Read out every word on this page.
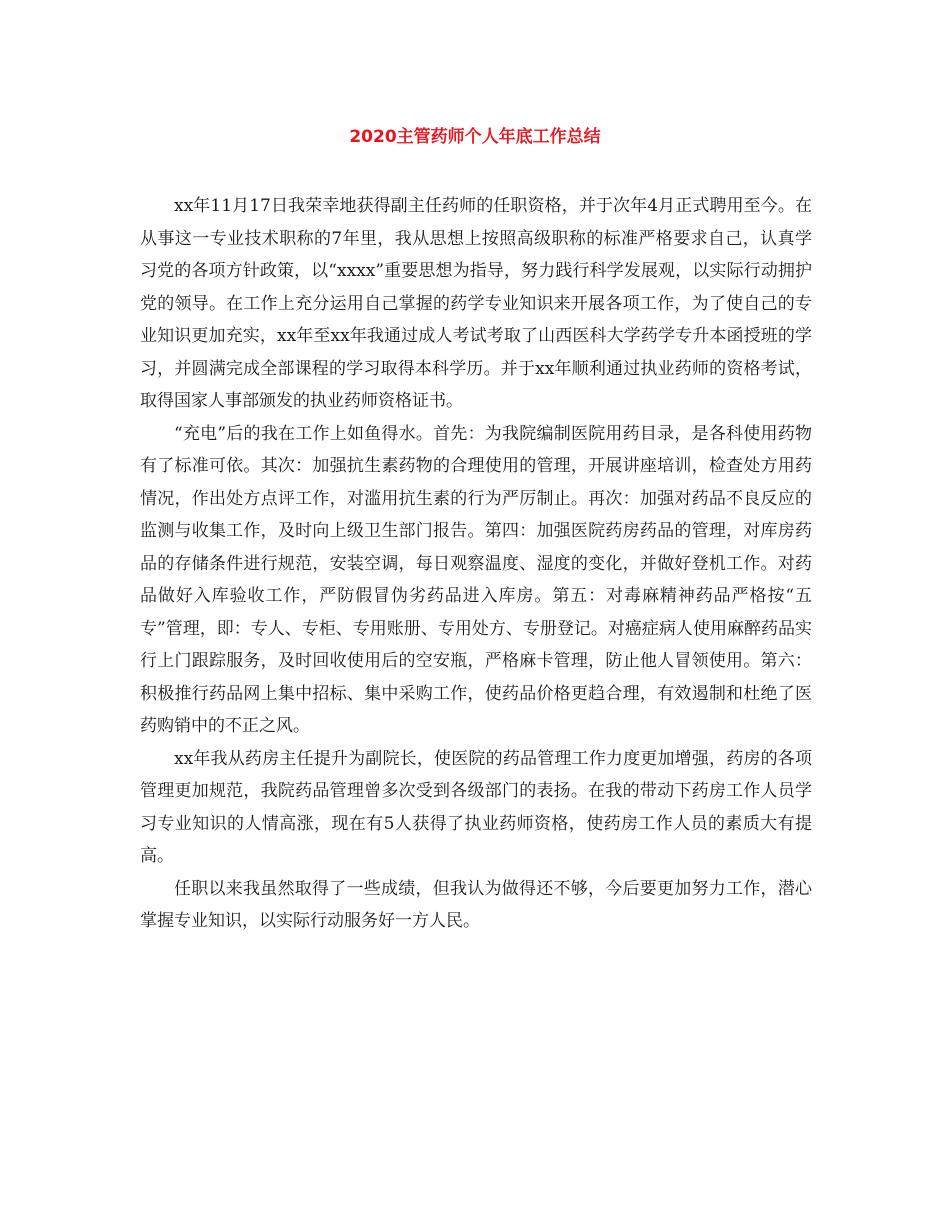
2020主管药师个人年底工作总结

xx年11月17日我荣幸地获得副主任药师的任职资格，并于次年4月正式聘用至今。在从事这一专业技术职称的7年里，我从思想上按照高级职称的标准严格要求自己，认真学习党的各项方针政策，以“xxxx”重要思想为指导，努力践行科学发展观，以实际行动拥护党的领导。在工作上充分运用自己掌握的药学专业知识来开展各项工作，为了使自己的专业知识更加充实，xx年至xx年我通过成人考试考取了山西医科大学药学专升本函授班的学习，并圆满完成全部课程的学习取得本科学历。并于xx年顺利通过执业药师的资格考试，取得国家人事部颁发的执业药师资格证书。

“充电”后的我在工作上如鱼得水。首先：为我院编制医院用药目录，是各科使用药物有了标准可依。其次：加强抗生素药物的合理使用的管理，开展讲座培训，检查处方用药情况，作出处方点评工作，对滥用抗生素的行为严厉制止。再次：加强对药品不良反应的监测与收集工作，及时向上级卫生部门报告。第四：加强医院药房药品的管理，对库房药品的存储条件进行规范，安装空调，每日观察温度、湿度的变化，并做好登机工作。对药品做好入库验收工作，严防假冒伪劣药品进入库房。第五：对毒麻精神药品严格按“五专”管理，即：专人、专柜、专用账册、专用处方、专册登记。对癌症病人使用麻醉药品实行上门跟踪服务，及时回收使用后的空安瓶，严格麻卡管理，防止他人冒领使用。第六：积极推行药品网上集中招标、集中采购工作，使药品价格更趋合理，有效遏制和杜绝了医药购销中的不正之风。

xx年我从药房主任提升为副院长，使医院的药品管理工作力度更加增强，药房的各项管理更加规范，我院药品管理曾多次受到各级部门的表扬。在我的带动下药房工作人员学习专业知识的人情高涨，现在有5人获得了执业药师资格，使药房工作人员的素质大有提高。

任职以来我虽然取得了一些成绩，但我认为做得还不够，今后要更加努力工作，潜心掌握专业知识，以实际行动服务好一方人民。
